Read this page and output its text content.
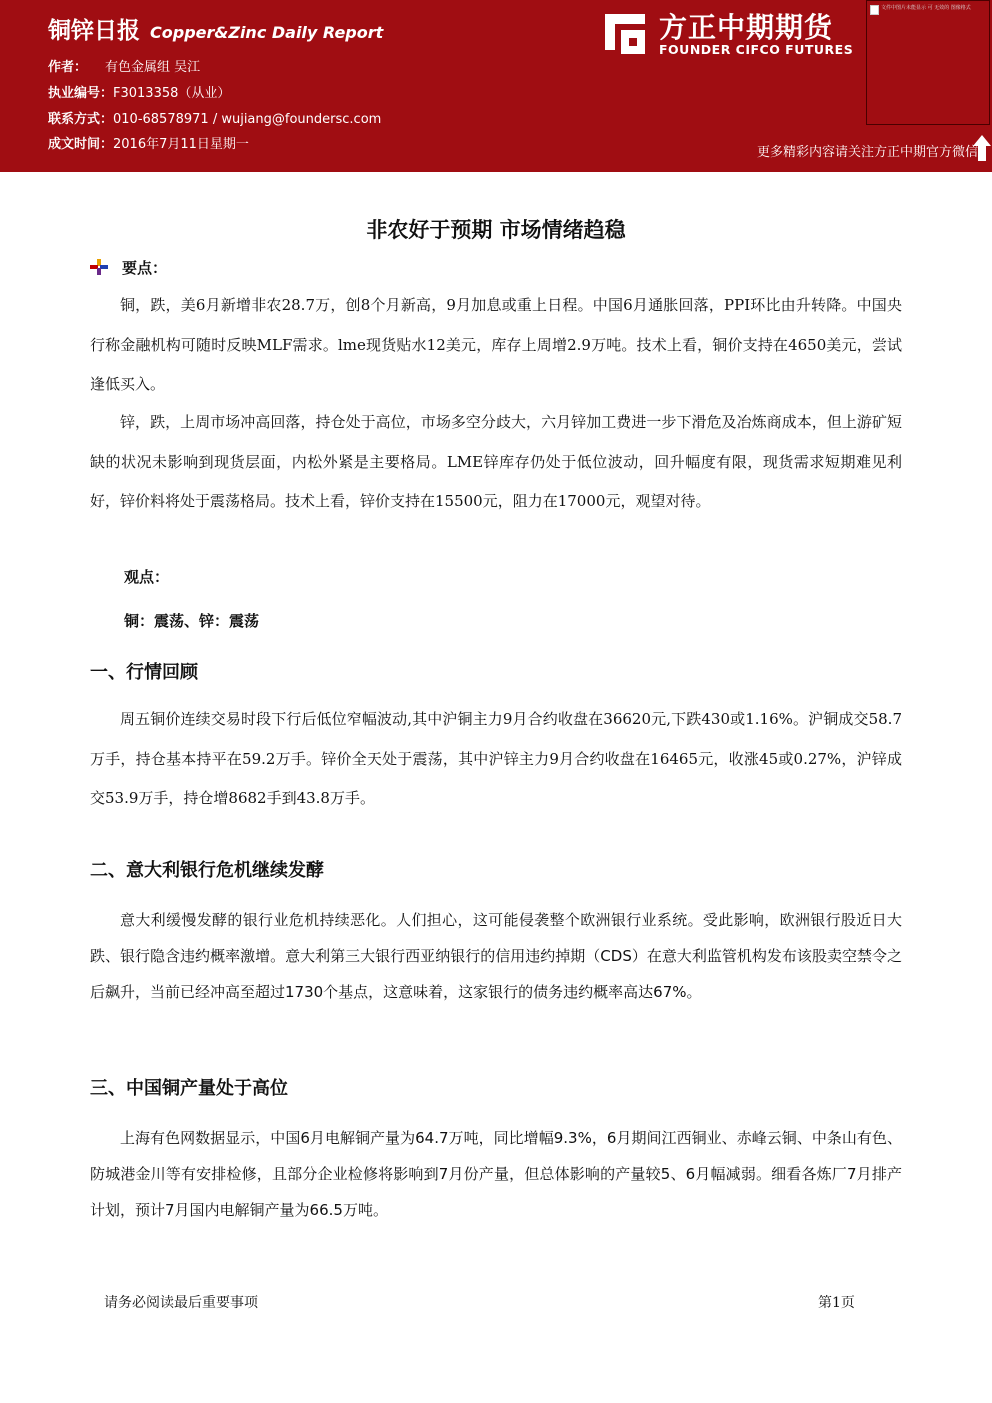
铜锌日报 Copper&Zinc Daily Report
作者： 有色金属组 吴江
执业编号：F3013358（从业）
联系方式：010-68578971 / wujiang@foundersc.com
成文时间：2016年7月11日星期一
方正中期期货
FOUNDER CIFCO FUTURES
文件中图片未能显示 可 无效的 图像格式
更多精彩内容请关注方正中期官方微信
非农好于预期 市场情绪趋稳
要点：

铜，跌，美6月新增非农28.7万，创8个月新高，9月加息或重上日程。中国6月通胀回落，PPI环比由升转降。中国央行称金融机构可随时反映MLF需求。lme现货贴水12美元，库存上周增2.9万吨。技术上看，铜价支持在4650美元，尝试逢低买入。

锌，跌，上周市场冲高回落，持仓处于高位，市场多空分歧大，六月锌加工费进一步下滑危及冶炼商成本，但上游矿短缺的状况未影响到现货层面，内松外紧是主要格局。LME锌库存仍处于低位波动，回升幅度有限，现货需求短期难见利好，锌价料将处于震荡格局。技术上看，锌价支持在15500元，阻力在17000元，观望对待。

观点：
铜：震荡、锌：震荡
一、行情回顾

周五铜价连续交易时段下行后低位窄幅波动,其中沪铜主力9月合约收盘在36620元,下跌430或1.16%。沪铜成交58.7万手，持仓基本持平在59.2万手。锌价全天处于震荡，其中沪锌主力9月合约收盘在16465元，收涨45或0.27%，沪锌成交53.9万手，持仓增8682手到43.8万手。

二、意大利银行危机继续发酵

意大利缓慢发酵的银行业危机持续恶化。人们担心，这可能侵袭整个欧洲银行业系统。受此影响，欧洲银行股近日大跌、银行隐含违约概率激增。意大利第三大银行西亚纳银行的信用违约掉期（CDS）在意大利监管机构发布该股卖空禁令之后飙升，当前已经冲高至超过1730个基点，这意味着，这家银行的债务违约概率高达67%。

三、中国铜产量处于高位

上海有色网数据显示，中国6月电解铜产量为64.7万吨，同比增幅9.3%，6月期间江西铜业、赤峰云铜、中条山有色、防城港金川等有安排检修，且部分企业检修将影响到7月份产量，但总体影响的产量较5、6月幅减弱。细看各炼厂7月排产计划，预计7月国内电解铜产量为66.5万吨。

请务必阅读最后重要事项	第1页
